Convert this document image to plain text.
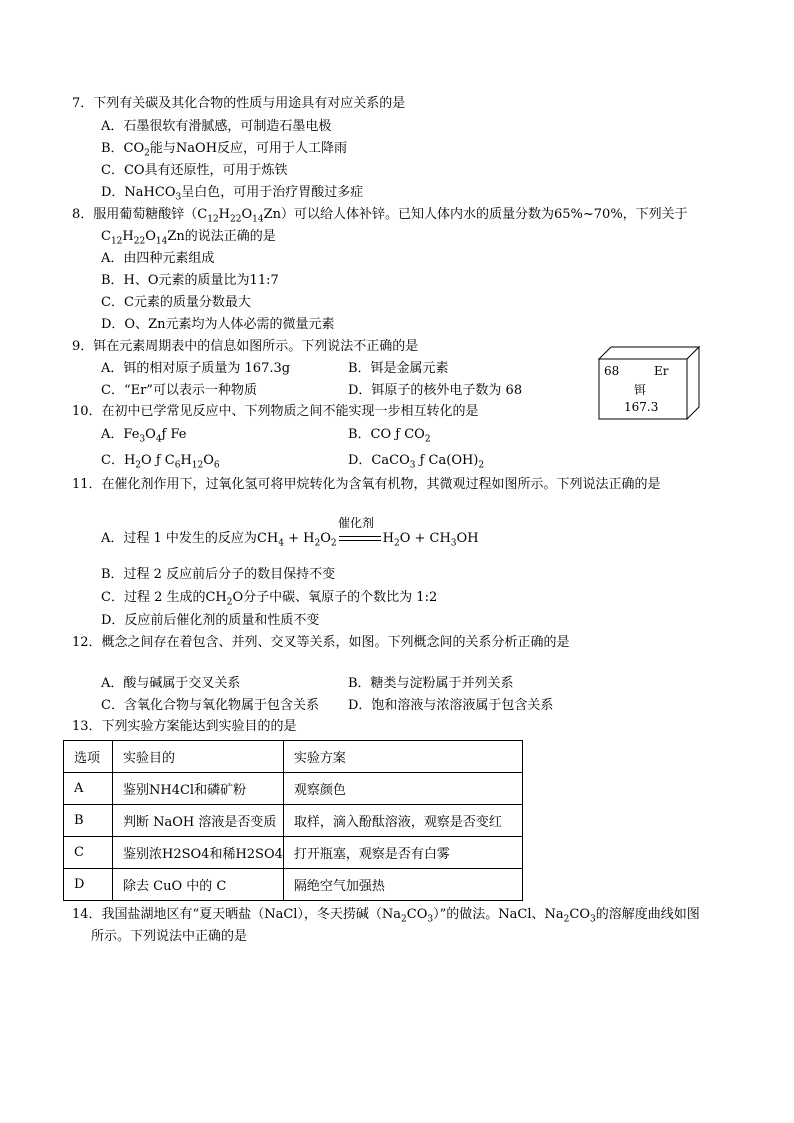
7．下列有关碳及其化合物的性质与用途具有对应关系的是
A．石墨很软有滑腻感，可制造石墨电极
B．$CO_2$能与NaOH反应，可用于人工降雨
C．CO具有还原性，可用于炼铁
D．NaHCO$_3$呈白色，可用于治疗胃酸过多症
8．服用葡萄糖酸锌$(C_{12}H_{22}O_{14}Zn)$可以给人体补锌。已知人体内水的质量分数为65%~70%，下列关于
$C_{12}H_{22}O_{14}Zn$的说法正确的是
A．由四种元素组成
B．H、O元素的质量比为11:7
C．C元素的质量分数最大
D．O、Zn元素均为人体必需的微量元素
9．铒在元素周期表中的信息如图所示。下列说法不正确的是
A．铒的相对原子质量为 167.3g	B．铒是金属元素
C．“Er”可以表示一种物质	D．铒原子的核外电子数为 68
68	Er
铒
167.3
10．在初中已学常见反应中、下列物质之间不能实现一步相互转化的是
A．$Fe_3O_4ƒ$ Fe	B．CO ƒ $CO_2$
C．$H_2O$ ƒ $C_6H_{12}O_6$	D．CaCO$_3$ ƒ $Ca(OH)_2$
11．在催化剂作用下，过氧化氢可将甲烷转化为含氧有机物，其微观过程如图所示。下列说法正确的是
催化剂
A．过程 1 中发生的反应为$CH_4 + H_2O_2$	$H_2O + CH_3OH$
B．过程 2 反应前后分子的数目保持不变
C．过程 2 生成的$CH_2O$分子中碳、氧原子的个数比为 1:2
D．反应前后催化剂的质量和性质不变
12．概念之间存在着包含、并列、交叉等关系，如图。下列概念间的关系分析正确的是
A．酸与碱属于交叉关系	B．糖类与淀粉属于并列关系
C．含氧化合物与氧化物属于包含关系 D．饱和溶液与浓溶液属于包含关系
13．下列实验方案能达到实验目的的是
选项	实验目的	实验方案
A	鉴别NH4Cl和磷矿粉	观察颜色
B	判断 NaOH 溶液是否变质	取样，滴入酚酞溶液，观察是否变红
C	鉴别浓H2SO4和稀H2SO4	打开瓶塞，观察是否有白雾
D	除去 CuO 中的 C	隔绝空气加强热
14．我国盐湖地区有“夏天晒盐（NaCl），冬天捞碱$(Na_2CO_3)$”的做法。NaCl、$Na_2CO_3$的溶解度曲线如图
所示。下列说法中正确的是
